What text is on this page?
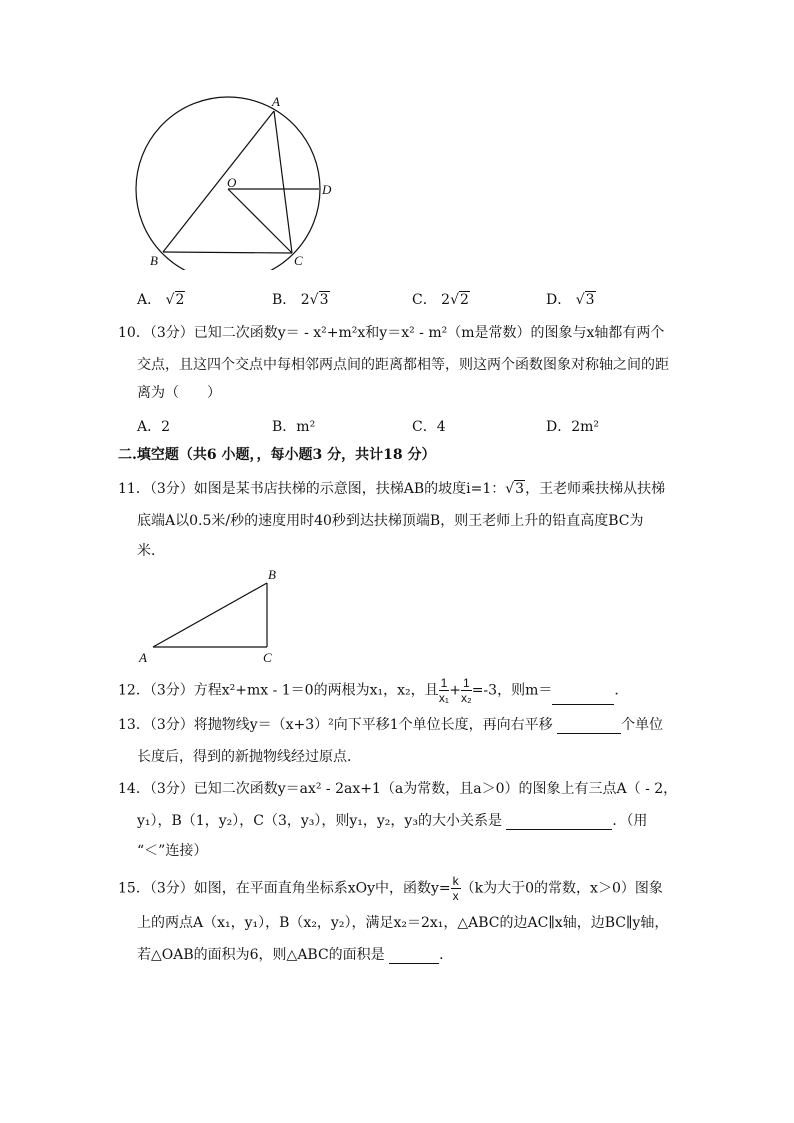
A
O	D
B	C
A． √ 2	B． 2√ 3	C． 2√ 2	D． √ 3
10．（3分）已知二次函数y＝ - x²+m²x和y＝x² - m²（m是常数）的图象与x轴都有两个
交点，且这四个交点中每相邻两点间的距离都相等，则这两个函数图象对称轴之间的距
离为（　　）
A．2	B．m²	C．4	D．2m²
二.填空题（共6 小题，，每小题3 分，共计18 分）
11．（3分）如图是某书店扶梯的示意图，扶梯AB的坡度i=1：√ 3 ，王老师乘扶梯从扶梯
底端A以0.5米/秒的速度用时40秒到达扶梯顶端B，则王老师上升的铅直高度BC为
米．
B
A	C
12．（3分）方程x²+mx - 1＝0的两根为x₁，x₂，且 $\frac{1}{\text{x₁}} + \frac{1}{\text{x₂}} =-3$，则m＝	．
13．（3分）将抛物线y＝（x+3）²向下平移1个单位长度，再向右平移	个单位
长度后，得到的新抛物线经过原点．
14．（3分）已知二次函数y＝ax² - 2ax+1（a为常数，且a＞0）的图象上有三点A（ - 2，
y₁），B（1，y₂），C（3，y₃），则y₁，y₂，y₃的大小关系是	．（用
“＜”连接）
15．（3分）如图，在平面直角坐标系xOy中，函数$y= \frac{k}{x} (k$为大于0的常数，x＞0）图象
上的两点A（x₁，y₁），B（x₂，y₂），满足x₂＝2x₁，△ABC的边AC∥x轴，边BC∥y轴，
若△OAB的面积为6，则△ABC的面积是	．
